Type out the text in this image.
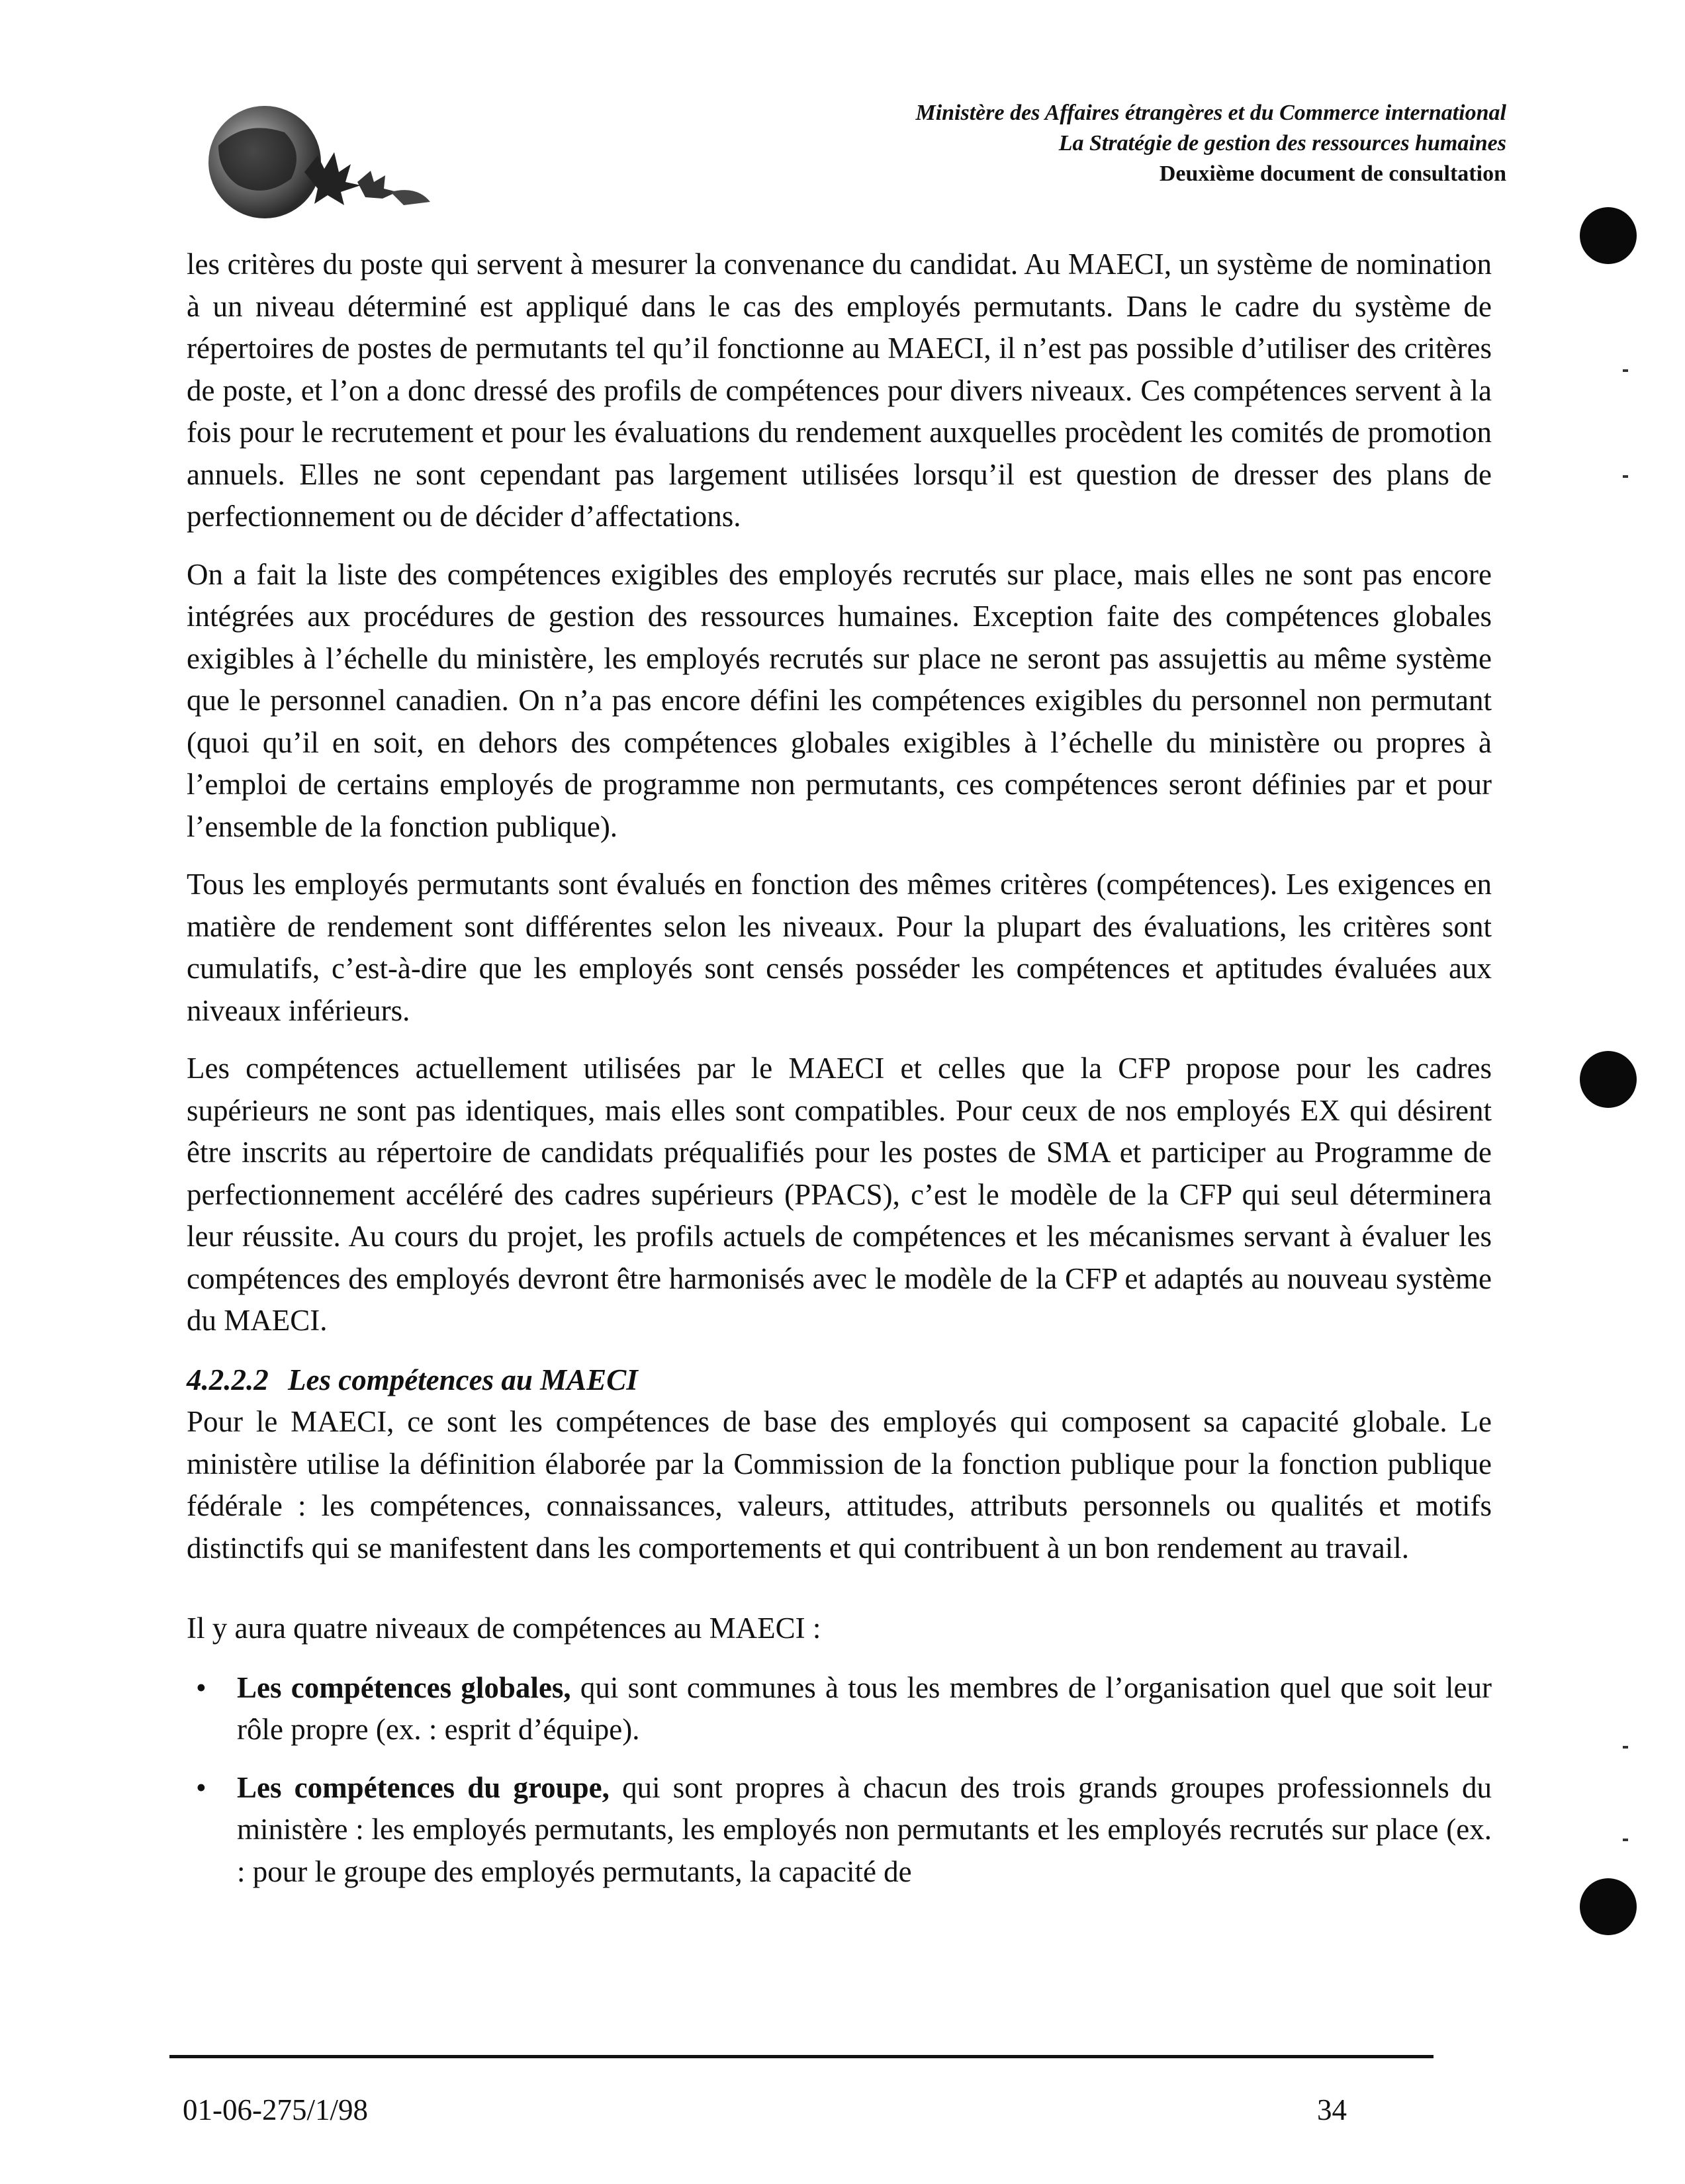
Ministère des Affaires étrangères et du Commerce international
La Stratégie de gestion des ressources humaines
Deuxième document de consultation

les critères du poste qui servent à mesurer la convenance du candidat. Au MAECI, un système de nomination à un niveau déterminé est appliqué dans le cas des employés permutants. Dans le cadre du système de répertoires de postes de permutants tel qu’il fonctionne au MAECI, il n’est pas possible d’utiliser des critères de poste, et l’on a donc dressé des profils de compétences pour divers niveaux. Ces compétences servent à la fois pour le recrutement et pour les évaluations du rendement auxquelles procèdent les comités de promotion annuels. Elles ne sont cependant pas largement utilisées lorsqu’il est question de dresser des plans de perfectionnement ou de décider d’affectations.

On a fait la liste des compétences exigibles des employés recrutés sur place, mais elles ne sont pas encore intégrées aux procédures de gestion des ressources humaines. Exception faite des compétences globales exigibles à l’échelle du ministère, les employés recrutés sur place ne seront pas assujettis au même système que le personnel canadien. On n’a pas encore défini les compétences exigibles du personnel non permutant (quoi qu’il en soit, en dehors des compétences globales exigibles à l’échelle du ministère ou propres à l’emploi de certains employés de programme non permutants, ces compétences seront définies par et pour l’ensemble de la fonction publique).

Tous les employés permutants sont évalués en fonction des mêmes critères (compétences). Les exigences en matière de rendement sont différentes selon les niveaux. Pour la plupart des évaluations, les critères sont cumulatifs, c’est-à-dire que les employés sont censés posséder les compétences et aptitudes évaluées aux niveaux inférieurs.

Les compétences actuellement utilisées par le MAECI et celles que la CFP propose pour les cadres supérieurs ne sont pas identiques, mais elles sont compatibles. Pour ceux de nos employés EX qui désirent être inscrits au répertoire de candidats préqualifiés pour les postes de SMA et participer au Programme de perfectionnement accéléré des cadres supérieurs (PPACS), c’est le modèle de la CFP qui seul déterminera leur réussite. Au cours du projet, les profils actuels de compétences et les mécanismes servant à évaluer les compétences des employés devront être harmonisés avec le modèle de la CFP et adaptés au nouveau système du MAECI.

4.2.2.2 Les compétences au MAECI

Pour le MAECI, ce sont les compétences de base des employés qui composent sa capacité globale. Le ministère utilise la définition élaborée par la Commission de la fonction publique pour la fonction publique fédérale : les compétences, connaissances, valeurs, attitudes, attributs personnels ou qualités et motifs distinctifs qui se manifestent dans les comportements et qui contribuent à un bon rendement au travail.

Il y aura quatre niveaux de compétences au MAECI :

• Les compétences globales, qui sont communes à tous les membres de l’organisation quel que soit leur rôle propre (ex. : esprit d’équipe).
• Les compétences du groupe, qui sont propres à chacun des trois grands groupes professionnels du ministère : les employés permutants, les employés non permutants et les employés recrutés sur place (ex. : pour le groupe des employés permutants, la capacité de
01-06-275/1/98	34
